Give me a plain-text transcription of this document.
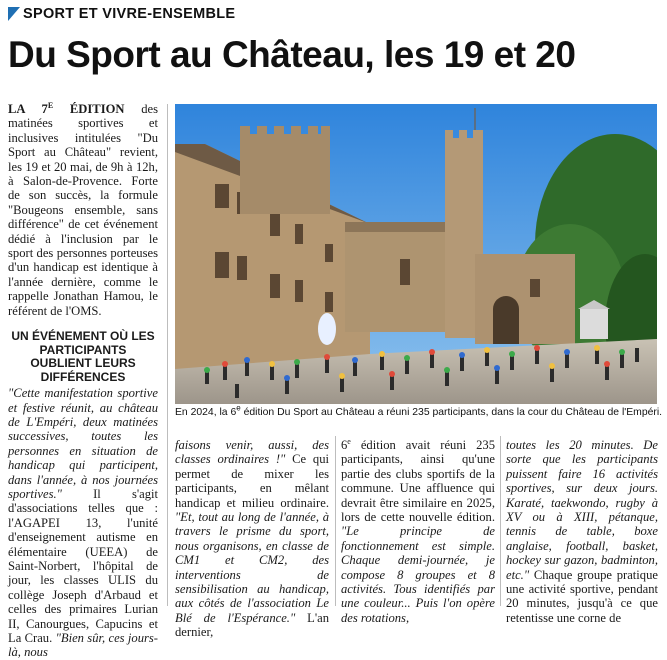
SPORT ET VIVRE-ENSEMBLE
Du Sport au Château, les 19 et 20

LA $7^E$ ÉDITION des matinées sportives et inclusives intitulées "Du Sport au Château" revient, les 19 et 20 mai, de 9h à 12h, à Salon-de-Provence. Forte de son succès, la formule "Bougeons ensemble, sans différence" de cet événement dédié à l'inclusion par le sport des personnes porteuses d'un handicap est identique à l'année dernière, comme le rappelle Jonathan Hamou, le référent de l'OMS.

UN ÉVÉNEMENT OÙ LES PARTICIPANTS OUBLIENT LEURS DIFFÉRENCES

"Cette manifestation sportive et festive réunit, au château de L'Empéri, deux matinées successives, toutes les personnes en situation de handicap qui participent, dans l'année, à nos journées sportives." Il s'agit d'associations telles que : l'AGAPEI 13, l'unité d'enseignement autisme en élémentaire (UEEA) de Saint-Norbert, l'hôpital de jour, les classes ULIS du collège Joseph d'Arbaud et celles des primaires Lurian II, Canourgues, Capucins et La Crau. "Bien sûr, ces jours-là, nous

En 2024, la 6e édition Du Sport au Château a réuni 235 participants, dans la cour du Château de l'Empéri.

faisons venir, aussi, des classes ordinaires !" Ce qui permet de mixer les participants, en mêlant handicap et milieu ordinaire. "Et, tout au long de l'année, à travers le prisme du sport, nous organisons, en classe de CM1 et CM2, des interventions de sensibilisation au handicap, aux côtés de l'association Le Blé de l'Espérance." L'an dernier,

6e édition avait réuni 235 participants, ainsi qu'une partie des clubs sportifs de la commune. Une affluence qui devrait être similaire en 2025, lors de cette nouvelle édition. "Le principe de fonctionnement est simple. Chaque demi-journée, je compose 8 groupes et 8 activités. Tous identifiés par une couleur... Puis l'on opère des rotations,

toutes les 20 minutes. De sorte que les participants puissent faire 16 activités sportives, sur deux jours. Karaté, taekwondo, rugby à XV ou à XIII, pétanque, tennis de table, boxe anglaise, football, basket, hockey sur gazon, badminton, etc." Chaque groupe pratique une activité sportive, pendant 20 minutes, jusqu'à ce que retentisse une corne de
